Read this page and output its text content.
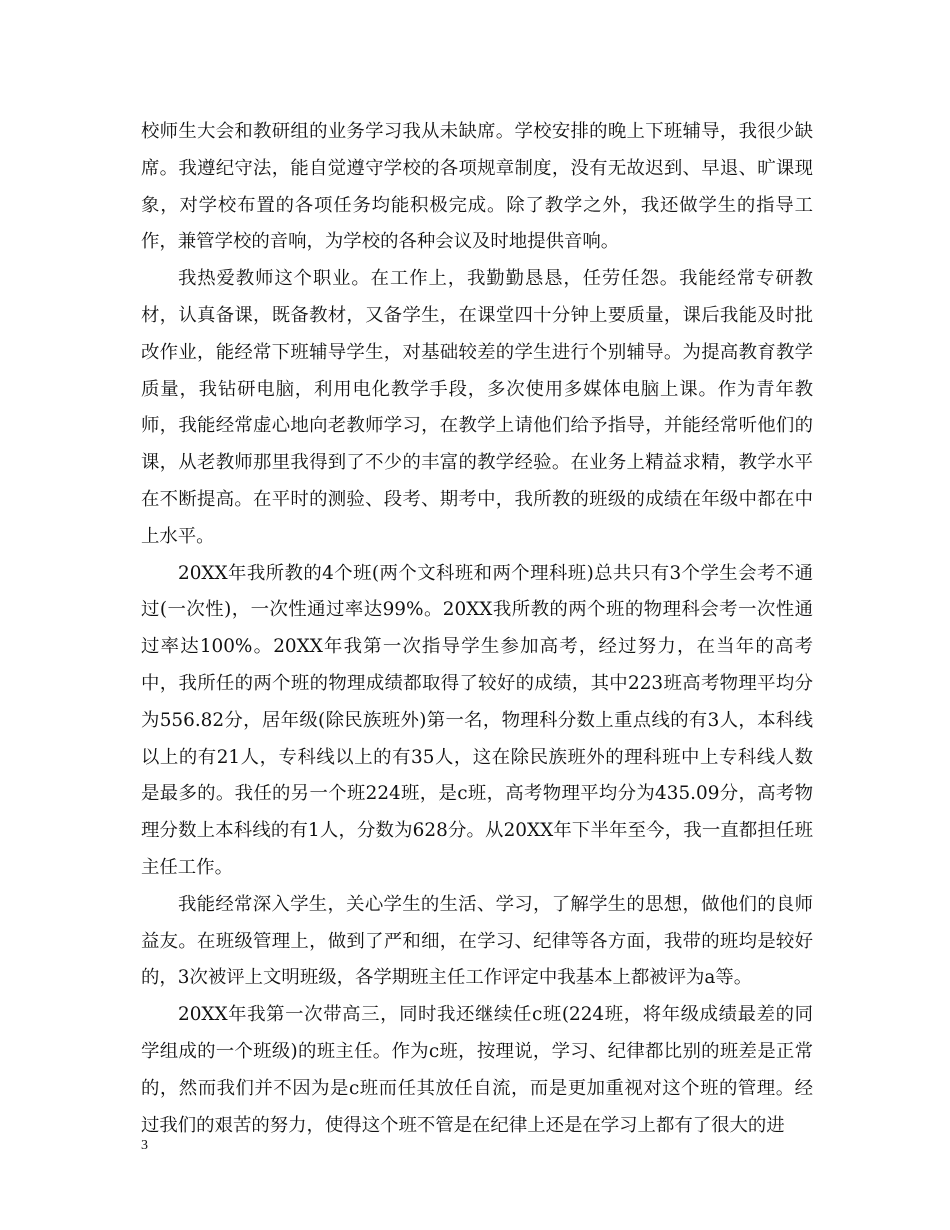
校师生大会和教研组的业务学习我从未缺席。学校安排的晚上下班辅导，我很少缺席。我遵纪守法，能自觉遵守学校的各项规章制度，没有无故迟到、早退、旷课现象，对学校布置的各项任务均能积极完成。除了教学之外，我还做学生的指导工作，兼管学校的音响，为学校的各种会议及时地提供音响。

我热爱教师这个职业。在工作上，我勤勤恳恳，任劳任怨。我能经常专研教材，认真备课，既备教材，又备学生，在课堂四十分钟上要质量，课后我能及时批改作业，能经常下班辅导学生，对基础较差的学生进行个别辅导。为提高教育教学质量，我钻研电脑，利用电化教学手段，多次使用多媒体电脑上课。作为青年教师，我能经常虚心地向老教师学习，在教学上请他们给予指导，并能经常听他们的课，从老教师那里我得到了不少的丰富的教学经验。在业务上精益求精，教学水平在不断提高。在平时的测验、段考、期考中，我所教的班级的成绩在年级中都在中上水平。

20XX年我所教的4个班(两个文科班和两个理科班)总共只有3个学生会考不通过(一次性)，一次性通过率达99%。20XX我所教的两个班的物理科会考一次性通过率达100%。20XX年我第一次指导学生参加高考，经过努力，在当年的高考中，我所任的两个班的物理成绩都取得了较好的成绩，其中223班高考物理平均分为556.82分，居年级(除民族班外)第一名，物理科分数上重点线的有3人，本科线以上的有21人，专科线以上的有35人，这在除民族班外的理科班中上专科线人数是最多的。我任的另一个班224班，是c班，高考物理平均分为435.09分，高考物理分数上本科线的有1人，分数为628分。从20XX年下半年至今，我一直都担任班主任工作。

我能经常深入学生，关心学生的生活、学习，了解学生的思想，做他们的良师益友。在班级管理上，做到了严和细，在学习、纪律等各方面，我带的班均是较好的，3次被评上文明班级，各学期班主任工作评定中我基本上都被评为a等。

20XX年我第一次带高三，同时我还继续任c班(224班，将年级成绩最差的同学组成的一个班级)的班主任。作为c班，按理说，学习、纪律都比别的班差是正常的，然而我们并不因为是c班而任其放任自流，而是更加重视对这个班的管理。经过我们的艰苦的努力，使得这个班不管是在纪律上还是在学习上都有了很大的进

3
